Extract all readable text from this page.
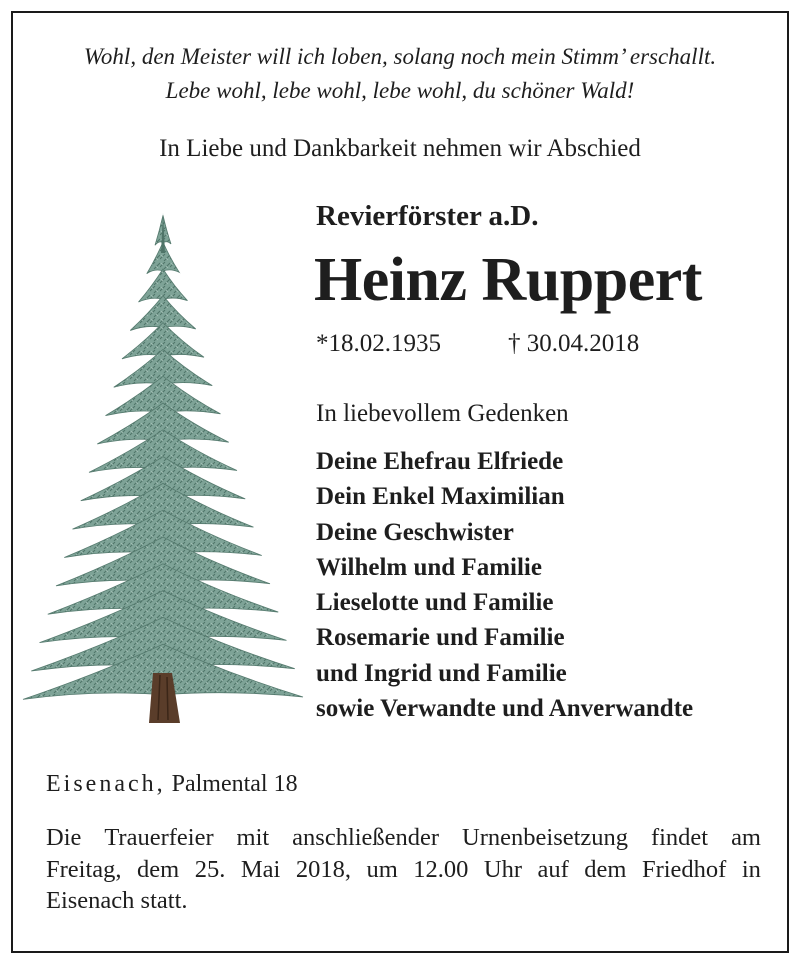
Wohl, den Meister will ich loben, solang noch mein Stimm’ erschallt.
Lebe wohl, lebe wohl, lebe wohl, du schöner Wald!
In Liebe und Dankbarkeit nehmen wir Abschied
Revierförster a.D.
Heinz Ruppert
*18.02.1935	† 30.04.2018
In liebevollem Gedenken
Deine Ehefrau Elfriede
Dein Enkel Maximilian
Deine Geschwister
Wilhelm und Familie
Lieselotte und Familie
Rosemarie und Familie
und Ingrid und Familie
sowie Verwandte und Anverwandte
Eisenach, Palmental 18
Die Trauerfeier mit anschließender Urnenbeisetzung findet am
Freitag, dem 25. Mai 2018, um 12.00 Uhr auf dem Friedhof in
Eisenach statt.
